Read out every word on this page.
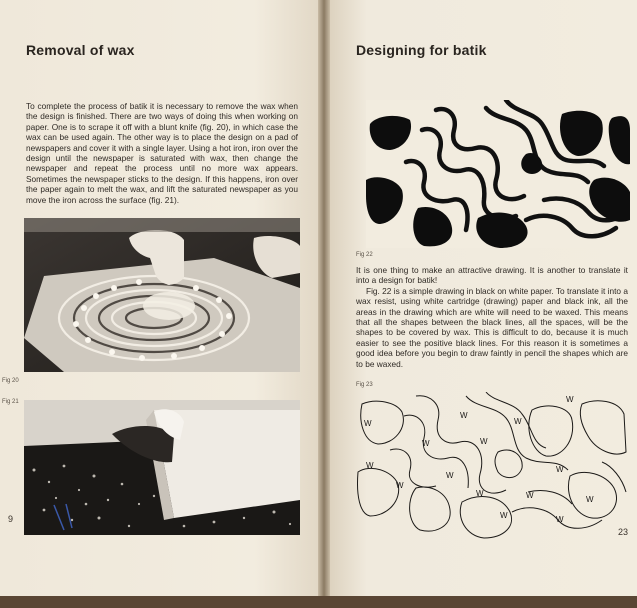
Removal of wax

To complete the process of batik it is necessary to remove the wax when the design is finished. There are two ways of doing this when working on paper. One is to scrape it off with a blunt knife (fig. 20), in which case the wax can be used again. The other way is to place the design on a pad of newspapers and cover it with a single layer. Using a hot iron, iron over the design until the newspaper is saturated with wax, then change the newspaper and repeat the process until no more wax appears. Sometimes the newspaper sticks to the design. If this happens, iron over the paper again to melt the wax, and lift the saturated newspaper as you move the iron across the surface (fig. 21).

Fig 20
Fig 21
9
Designing for batik
Fig 22

It is one thing to make an attractive drawing. It is another to translate it into a design for batik!

Fig. 22 is a simple drawing in black on white paper. To translate it into a wax resist, using white cartridge (drawing) paper and black ink, all the areas in the drawing which are white will need to be waxed. This means that all the shapes between the black lines, all the spaces, will be the shapes to be covered by wax. This is difficult to do, because it is much easier to see the positive black lines. For this reason it is sometimes a good idea before you begin to draw faintly in pencil the shapes which are to be waxed.

Fig 23
W
W
W
W
W	W
W
W
W
W
W	W	W
W	W
23
